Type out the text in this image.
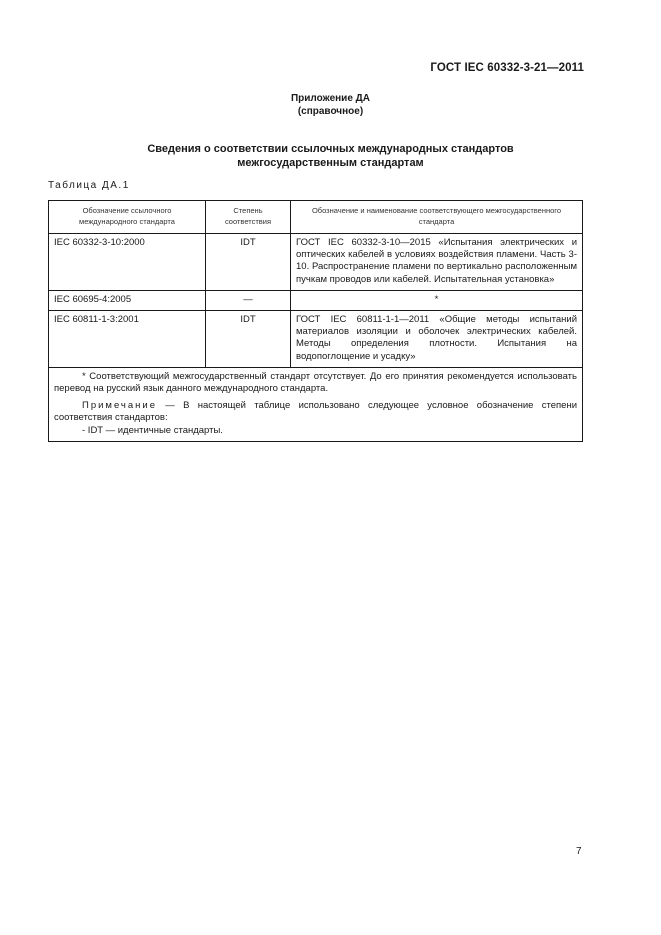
ГОСТ IEC 60332-3-21—2011
Приложение ДА
(справочное)
Сведения о соответствии ссылочных международных стандартов
межгосударственным стандартам
Таблица ДА.1
Обозначение ссылочного международного стандарта	Степень соответствия	Обозначение и наименование соответствующего межгосударственного стандарта
IEC 60332-3-10:2000	IDT	ГОСТ IEC 60332-3-10—2015 «Испытания электрических и оптических кабелей в условиях воздействия пламени. Часть 3-10. Распространение пламени по вертикально расположенным пучкам проводов или кабелей. Испытательная установка»
IEC 60695-4:2005	—	*
IEC 60811-1-3:2001	IDT	ГОСТ IEC 60811-1-1—2011 «Общие методы испытаний материалов изоляции и оболочек электрических кабелей. Методы определения плотности. Испытания на водопоглощение и усадку»

* Соответствующий межгосударственный стандарт отсутствует. До его принятия рекомендуется использовать перевод на русский язык данного международного стандарта.

Примечание — В настоящей таблице использовано следующее условное обозначение степени соответствия стандартов:

- IDT — идентичные стандарты.		

7
